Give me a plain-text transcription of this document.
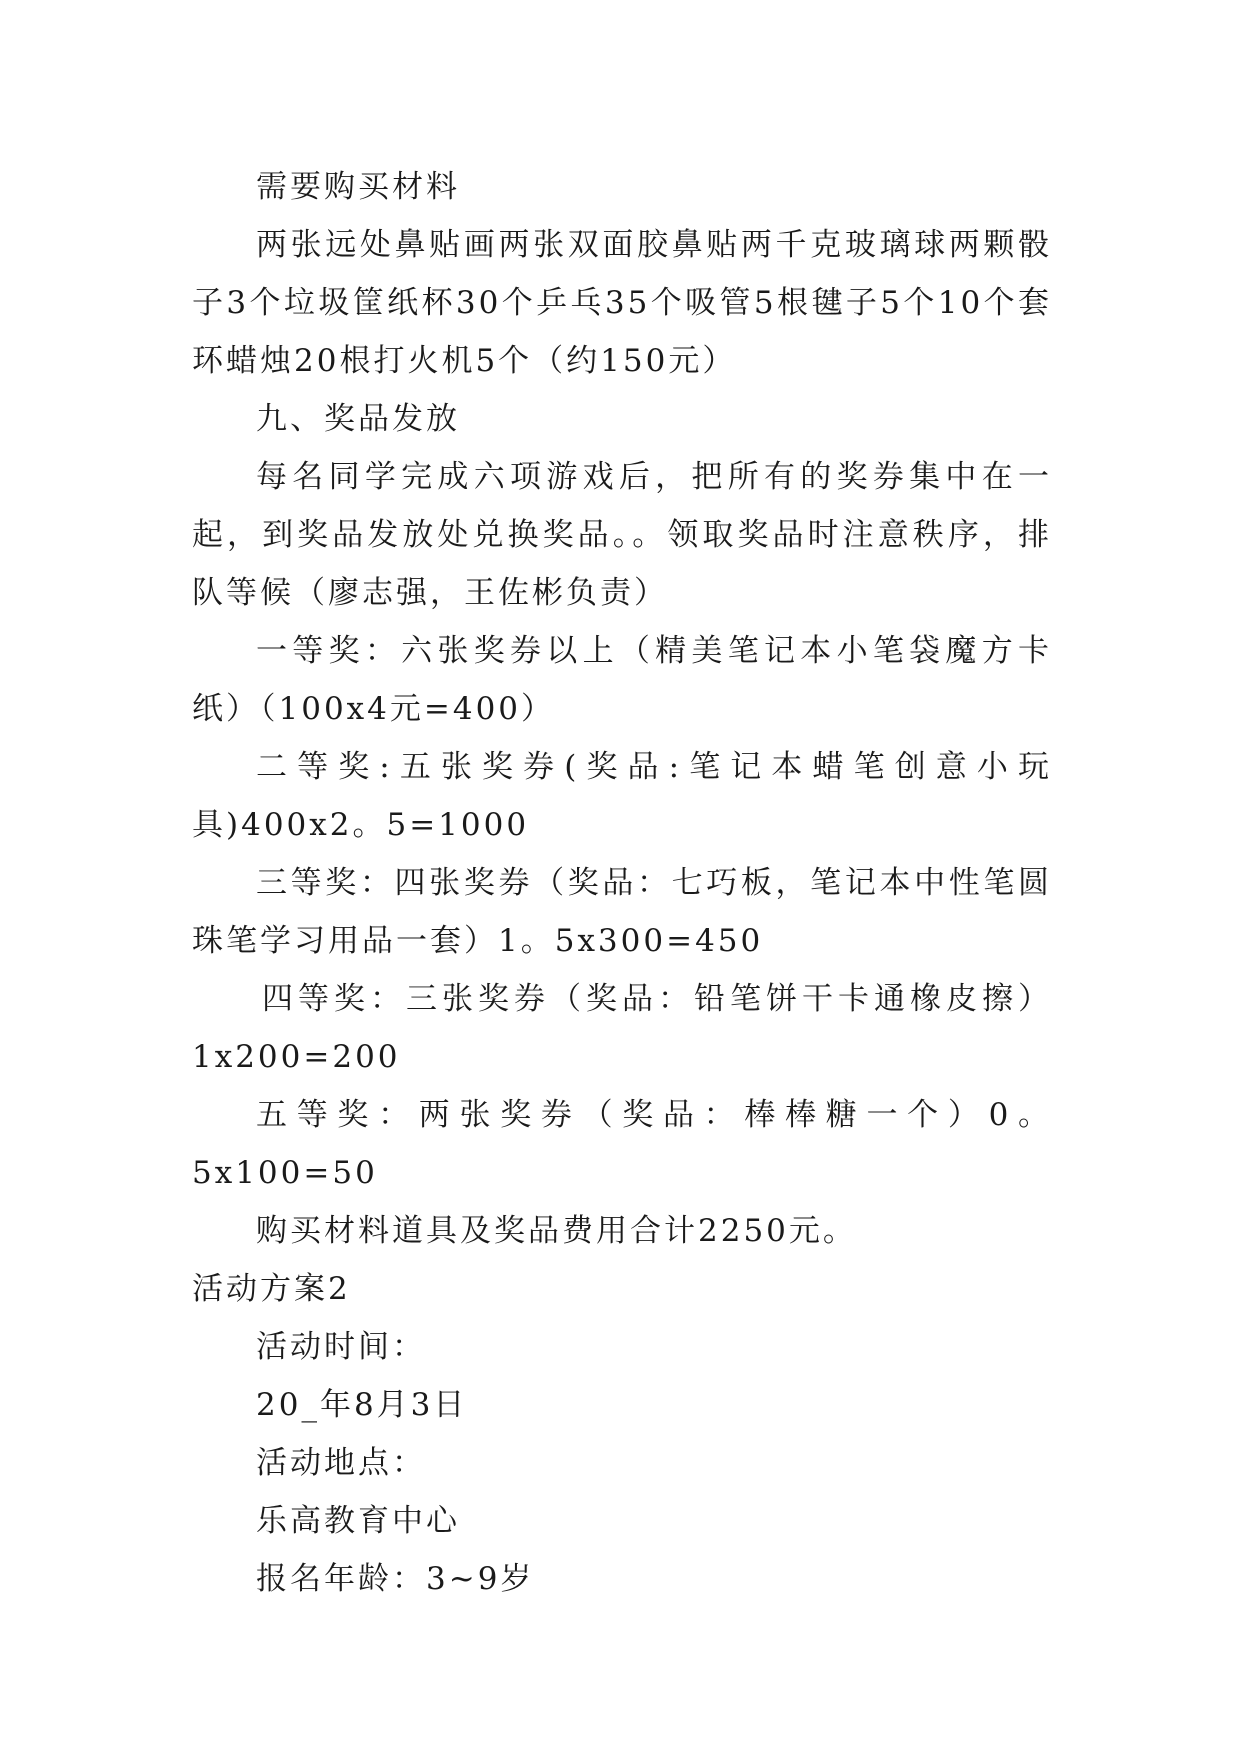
需要购买材料

两张远处鼻贴画两张双面胶鼻贴两千克玻璃球两颗骰子3个垃圾筐纸杯30个乒乓35个吸管5根毽子5个10个套环蜡烛20根打火机5个（约150元）

九、奖品发放

每名同学完成六项游戏后，把所有的奖券集中在一起，到奖品发放处兑换奖品。。领取奖品时注意秩序，排队等候（廖志强，王佐彬负责）

一等奖：六张奖券以上（精美笔记本小笔袋魔方卡纸）（100x4元=400）

二等奖:五张奖券(奖品:笔记本蜡笔创意小玩具)400x2。5=1000

三等奖：四张奖券（奖品：七巧板，笔记本中性笔圆珠笔学习用品一套）1。5x300=450

四等奖：三张奖券（奖品：铅笔饼干卡通橡皮擦）1x200=200

五等奖：两张奖券（奖品：棒棒糖一个）0。5x100=50

购买材料道具及奖品费用合计2250元。

活动方案2

活动时间：

20_年8月3日

活动地点：

乐高教育中心

报名年龄：3~9岁
